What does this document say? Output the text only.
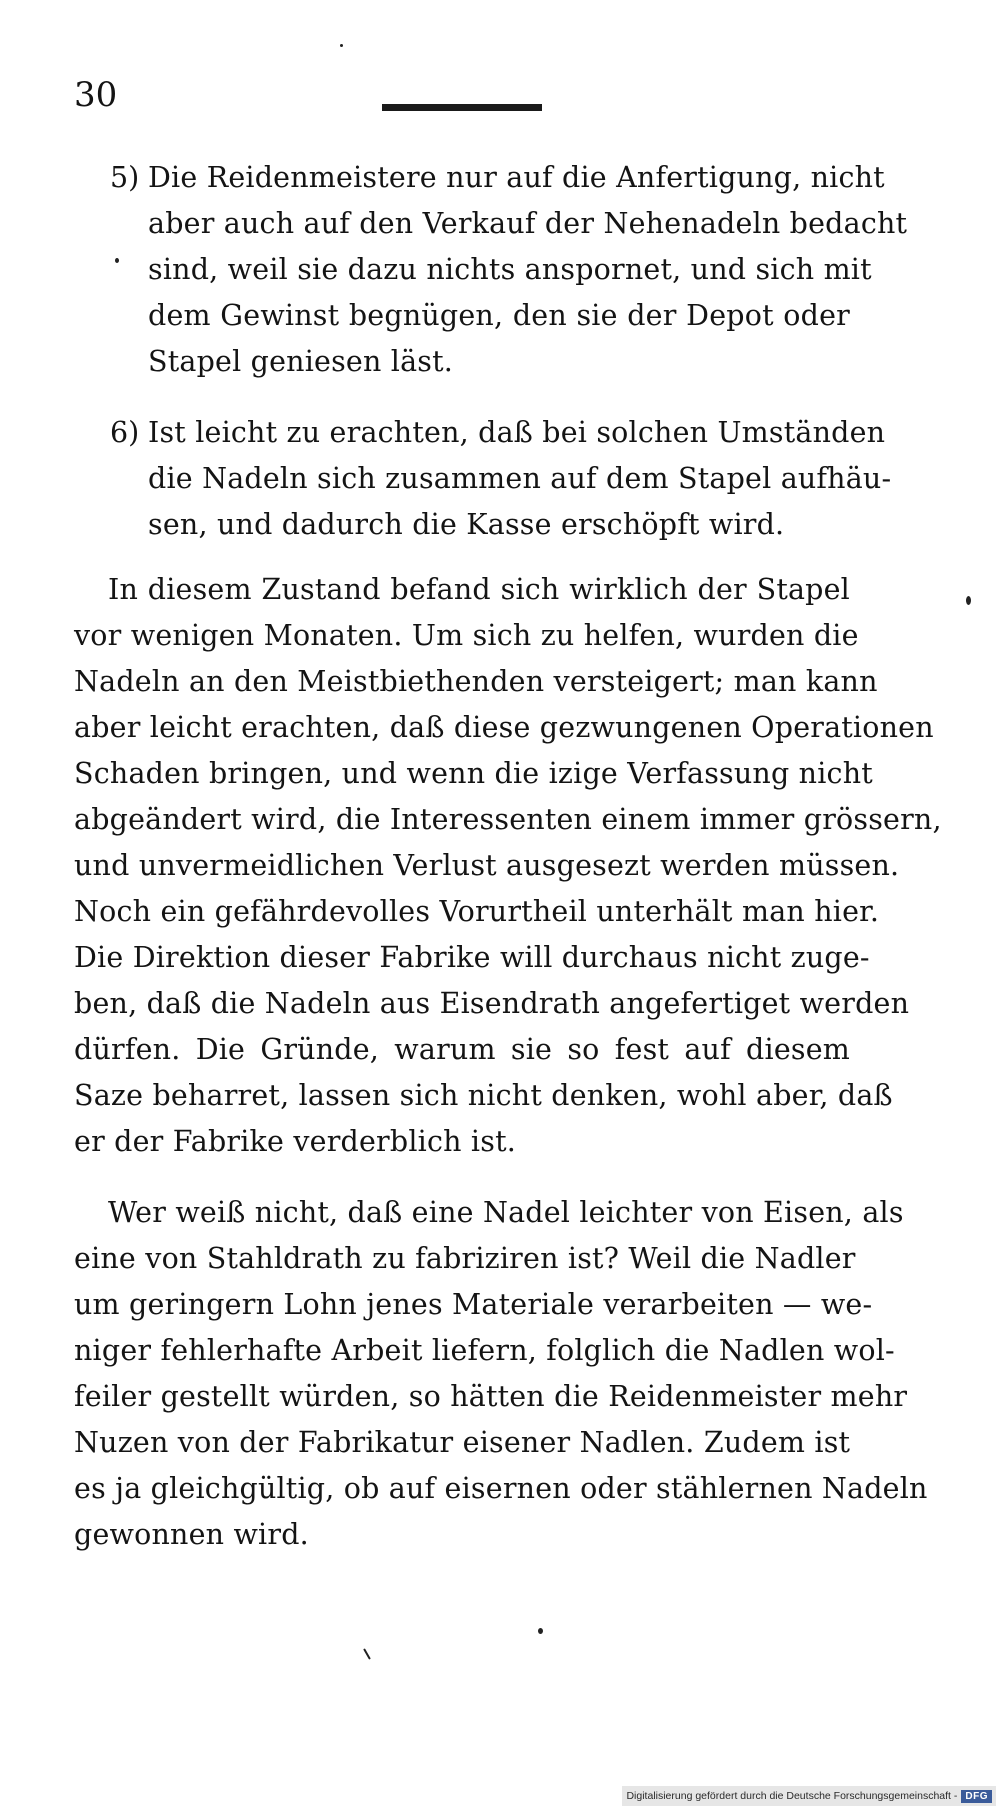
30
5) Die Reidenmeistere nur auf die Anfertigung, nicht
aber auch auf den Verkauf der Nehenadeln bedacht
sind, weil sie dazu nichts anspornet, und sich mit
dem Gewinst begnügen, den sie der Depot oder
Stapel geniesen läst.
6) Ist leicht zu erachten, daß bei solchen Umständen
die Nadeln sich zusammen auf dem Stapel aufhäu-
sen, und dadurch die Kasse erschöpft wird.
In diesem Zustand befand sich wirklich der Stapel
vor wenigen Monaten. Um sich zu helfen, wurden die
Nadeln an den Meistbiethenden versteigert; man kann
aber leicht erachten, daß diese gezwungenen Operationen
Schaden bringen, und wenn die izige Verfassung nicht
abgeändert wird, die Interessenten einem immer grössern,
und unvermeidlichen Verlust ausgesezt werden müssen.
Noch ein gefährdevolles Vorurtheil unterhält man hier.
Die Direktion dieser Fabrike will durchaus nicht zuge-
ben, daß die Nadeln aus Eisendrath angefertiget werden
dürfen. Die Gründe, warum sie so fest auf diesem
Saze beharret, lassen sich nicht denken, wohl aber, daß
er der Fabrike verderblich ist.
Wer weiß nicht, daß eine Nadel leichter von Eisen, als
eine von Stahldrath zu fabriziren ist? Weil die Nadler
um geringern Lohn jenes Materiale verarbeiten — we-
niger fehlerhafte Arbeit liefern, folglich die Nadlen wol-
feiler gestellt würden, so hätten die Reidenmeister mehr
Nuzen von der Fabrikatur eisener Nadlen. Zudem ist
es ja gleichgültig, ob auf eisernen oder stählernen Nadeln
gewonnen wird.
Digitalisierung gefördert durch die Deutsche Forschungsgemeinschaft - DFG
